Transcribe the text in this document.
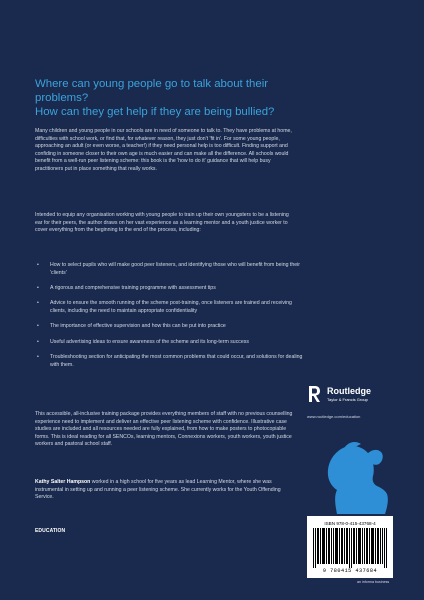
Where can young people go to talk about their problems?
How can they get help if they are being bullied?
Many children and young people in our schools are in need of someone to talk to. They have problems at home, difficulties with school work, or find that, for whatever reason, they just don't 'fit in'. For some young people, approaching an adult (or even worse, a teacher!) if they need personal help is too difficult. Finding support and confiding in someone closer to their own age is much easier and can make all the difference. All schools would benefit from a well-run peer listening scheme: this book is the 'how to do it' guidance that will help busy practitioners put in place something that really works.
Intended to equip any organisation working with young people to train up their own youngsters to be a listening ear for their peers, the author draws on her vast experience as a learning mentor and a youth justice worker to cover everything from the beginning to the end of the process, including:
• How to select pupils who will make good peer listeners, and identifying those who will benefit from being their 'clients'
• A rigorous and comprehensive training programme with assessment tips
• Advice to ensure the smooth running of the scheme post-training, once listeners are trained and receiving clients, including the need to maintain appropriate confidentiality
• The importance of effective supervision and how this can be put into practice
• Useful advertising ideas to ensure awareness of the scheme and its long-term success
• Troubleshooting section for anticipating the most common problems that could occur, and solutions for dealing with them.
This accessible, all-inclusive training package provides everything members of staff with no previous counselling experience need to implement and deliver an effective peer listening scheme with confidence. Illustrative case studies are included and all resources needed are fully explained, from how to make posters to photocopiable forms. This is ideal reading for all SENCOs, learning mentors, Connexions workers, youth workers, youth justice workers and pastoral school staff.
Kathy Salter Hampson worked in a high school for five years as lead Learning Mentor, where she was instrumental in setting up and running a peer listening scheme. She currently works for the Youth Offending Service.
EDUCATION
Routledge
Taylor & Francis Group
www.routledge.com/education
ISBN 978-0-415-43768-4
9 780415 437684
an informa business
